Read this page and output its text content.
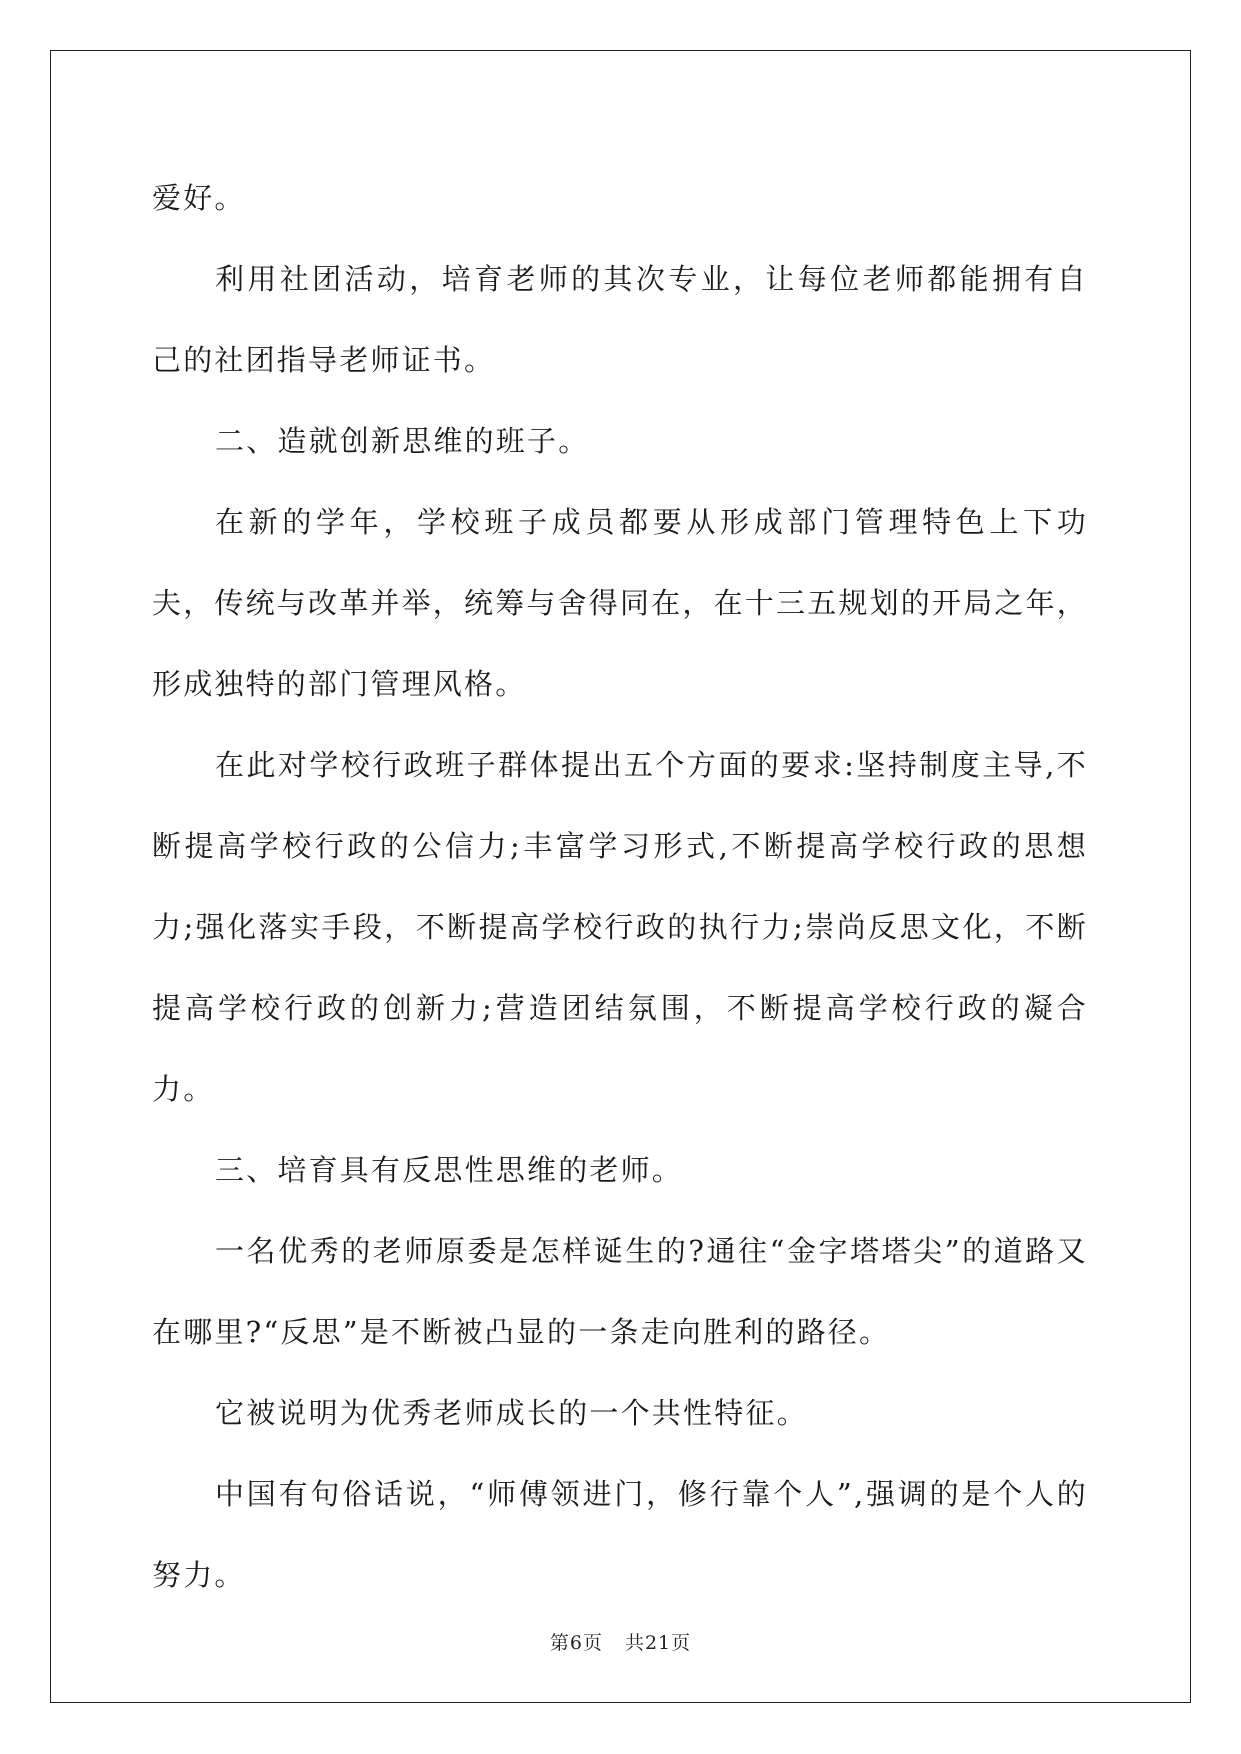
爱好。

利用社团活动，培育老师的其次专业，让每位老师都能拥有自己的社团指导老师证书。

二、造就创新思维的班子。

在新的学年，学校班子成员都要从形成部门管理特色上下功夫，传统与改革并举，统筹与舍得同在，在十三五规划的开局之年，形成独特的部门管理风格。

在此对学校行政班子群体提出五个方面的要求:坚持制度主导,不断提高学校行政的公信力;丰富学习形式,不断提高学校行政的思想力;强化落实手段，不断提高学校行政的执行力;崇尚反思文化，不断提高学校行政的创新力;营造团结氛围，不断提高学校行政的凝合力。

三、培育具有反思性思维的老师。

一名优秀的老师原委是怎样诞生的?通往“金字塔塔尖”的道路又在哪里?“反思”是不断被凸显的一条走向胜利的路径。

它被说明为优秀老师成长的一个共性特征。

中国有句俗话说，“师傅领进门，修行靠个人”,强调的是个人的努力。

第6页 共21页
